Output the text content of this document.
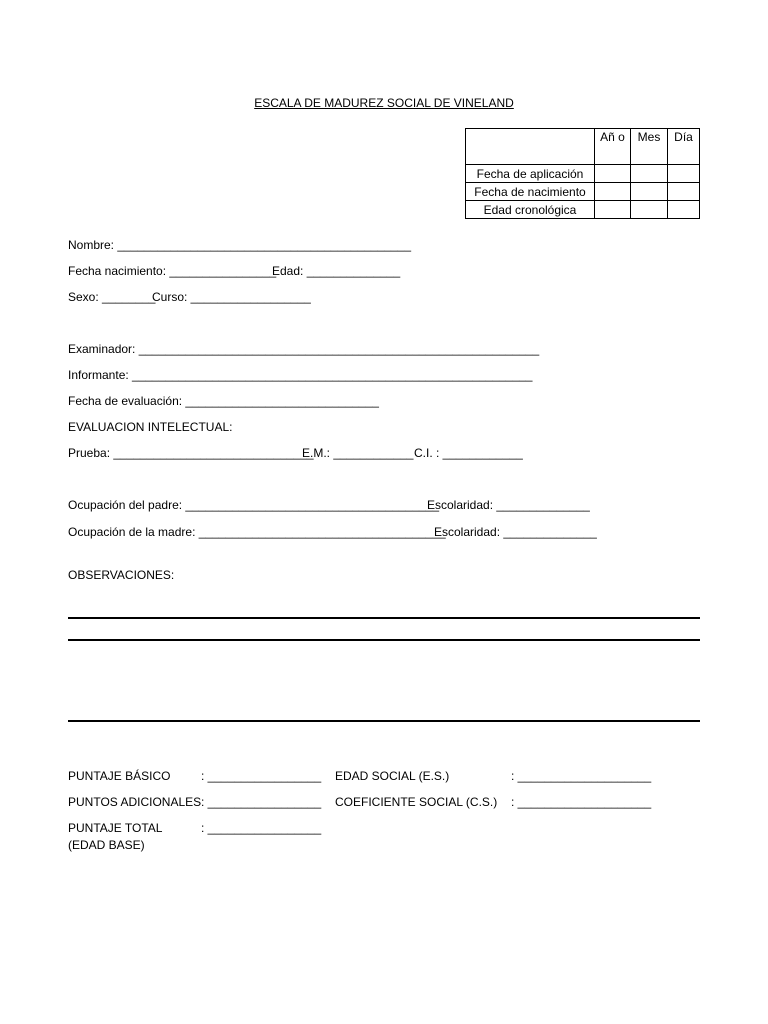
ESCALA DE MADUREZ SOCIAL DE VINELAND
	Añ o	Mes	Día
Fecha de aplicación			
Fecha de nacimiento			
Edad cronológica			
Nombre: ____________________________________________
Fecha nacimiento: ________________
Edad: ______________
Sexo: ________
Curso: __________________
Examinador: ____________________________________________________________
Informante: ____________________________________________________________
Fecha de evaluación: _____________________________
EVALUACION INTELECTUAL:
Prueba: ______________________________
E.M.: ____________ C.I. : ____________
Ocupación del padre: ______________________________________
Escolaridad: ______________
Ocupación de la madre: _____________________________________
Escolaridad: ______________
OBSERVACIONES:
PUNTAJE BÁSICO	: _________________ EDAD SOCIAL (E.S.)	: ____________________
PUNTOS ADICIONALES : _________________ COEFICIENTE SOCIAL (C.S.) : ____________________
PUNTAJE TOTAL
(EDAD BASE)
: _________________
